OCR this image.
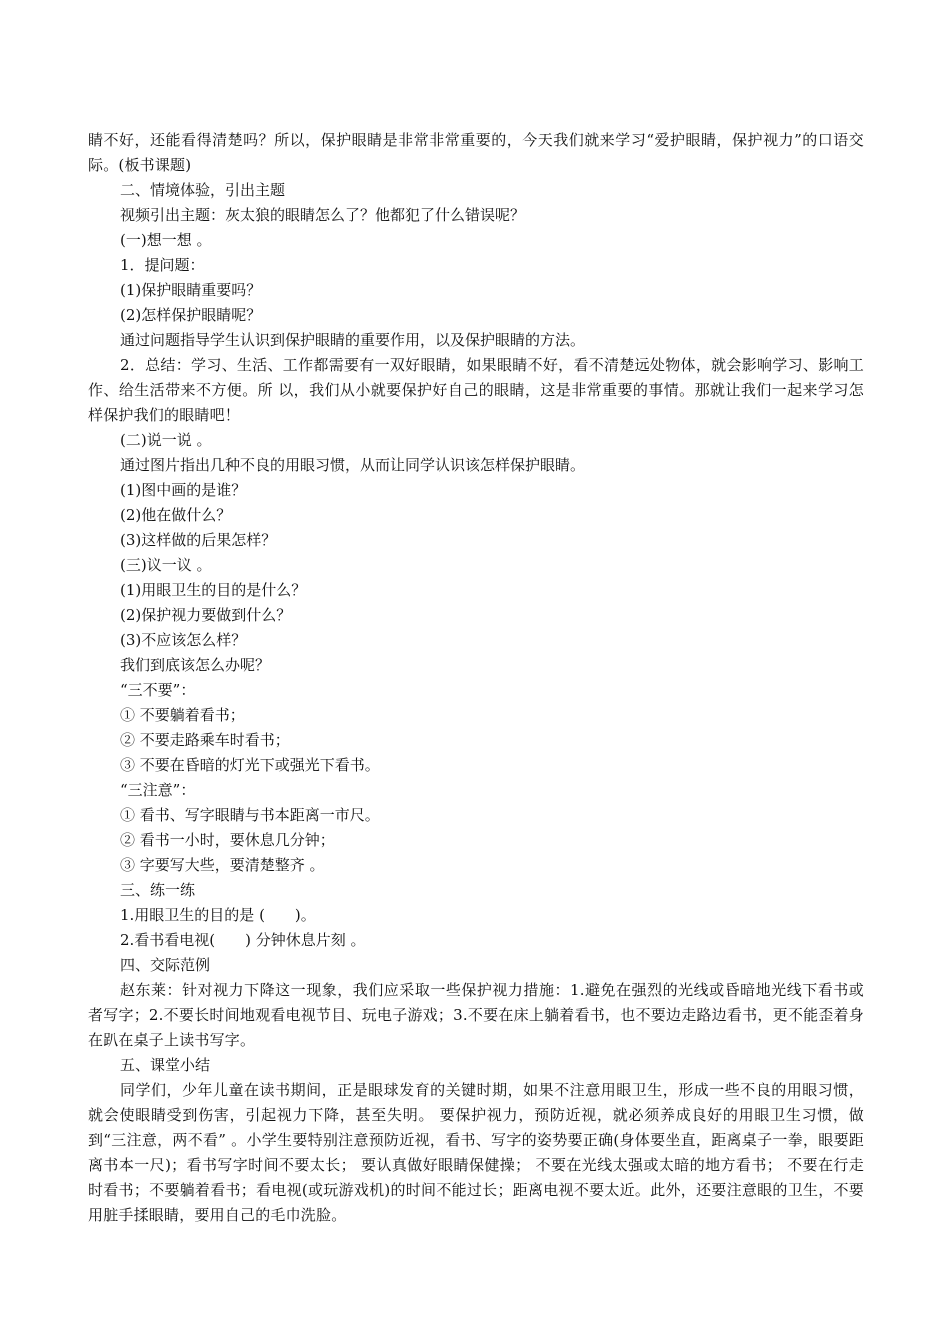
睛不好，还能看得清楚吗？所以，保护眼睛是非常非常重要的，今天我们就来学习“爱护眼睛，保护视力”的口语交际。(板书课题)

二、情境体验，引出主题

视频引出主题：灰太狼的眼睛怎么了？他都犯了什么错误呢？

(一)想一想 。

1．提问题：

(1)保护眼睛重要吗？

(2)怎样保护眼睛呢？

通过问题指导学生认识到保护眼睛的重要作用，以及保护眼睛的方法。

2．总结：学习、生活、工作都需要有一双好眼睛，如果眼睛不好，看不清楚远处物体，就会影响学习、影响工作、给生活带来不方便。所 以，我们从小就要保护好自己的眼睛，这是非常重要的事情。那就让我们一起来学习怎样保护我们的眼睛吧！

(二)说一说 。

通过图片指出几种不良的用眼习惯，从而让同学认识该怎样保护眼睛。

(1)图中画的是谁？

(2)他在做什么？

(3)这样做的后果怎样？

(三)议一议 。

(1)用眼卫生的目的是什么？

(2)保护视力要做到什么？

(3)不应该怎么样？

我们到底该怎么办呢？

“三不要”：

① 不要躺着看书；

② 不要走路乘车时看书；

③ 不要在昏暗的灯光下或强光下看书。

“三注意”：

① 看书、写字眼睛与书本距离一市尺。

② 看书一小时，要休息几分钟；

③ 字要写大些，要清楚整齐 。

三、练一练

1.用眼卫生的目的是 (　　)。

2.看书看电视(　　) 分钟休息片刻 。

四、交际范例

赵东莱：针对视力下降这一现象，我们应采取一些保护视力措施：1.避免在强烈的光线或昏暗地光线下看书或者写字；2.不要长时间地观看电视节目、玩电子游戏；3.不要在床上躺着看书，也不要边走路边看书，更不能歪着身在趴在桌子上读书写字。

五、课堂小结

同学们，少年儿童在读书期间，正是眼球发育的关键时期，如果不注意用眼卫生，形成一些不良的用眼习惯，就会使眼睛受到伤害，引起视力下降，甚至失明。 要保护视力，预防近视，就必须养成良好的用眼卫生习惯，做到“三注意，两不看” 。小学生要特别注意预防近视，看书、写字的姿势要正确(身体要坐直，距离桌子一拳，眼要距离书本一尺)；看书写字时间不要太长； 要认真做好眼睛保健操； 不要在光线太强或太暗的地方看书； 不要在行走时看书；不要躺着看书；看电视(或玩游戏机)的时间不能过长；距离电视不要太近。此外，还要注意眼的卫生，不要用脏手揉眼睛，要用自己的毛巾洗脸。
